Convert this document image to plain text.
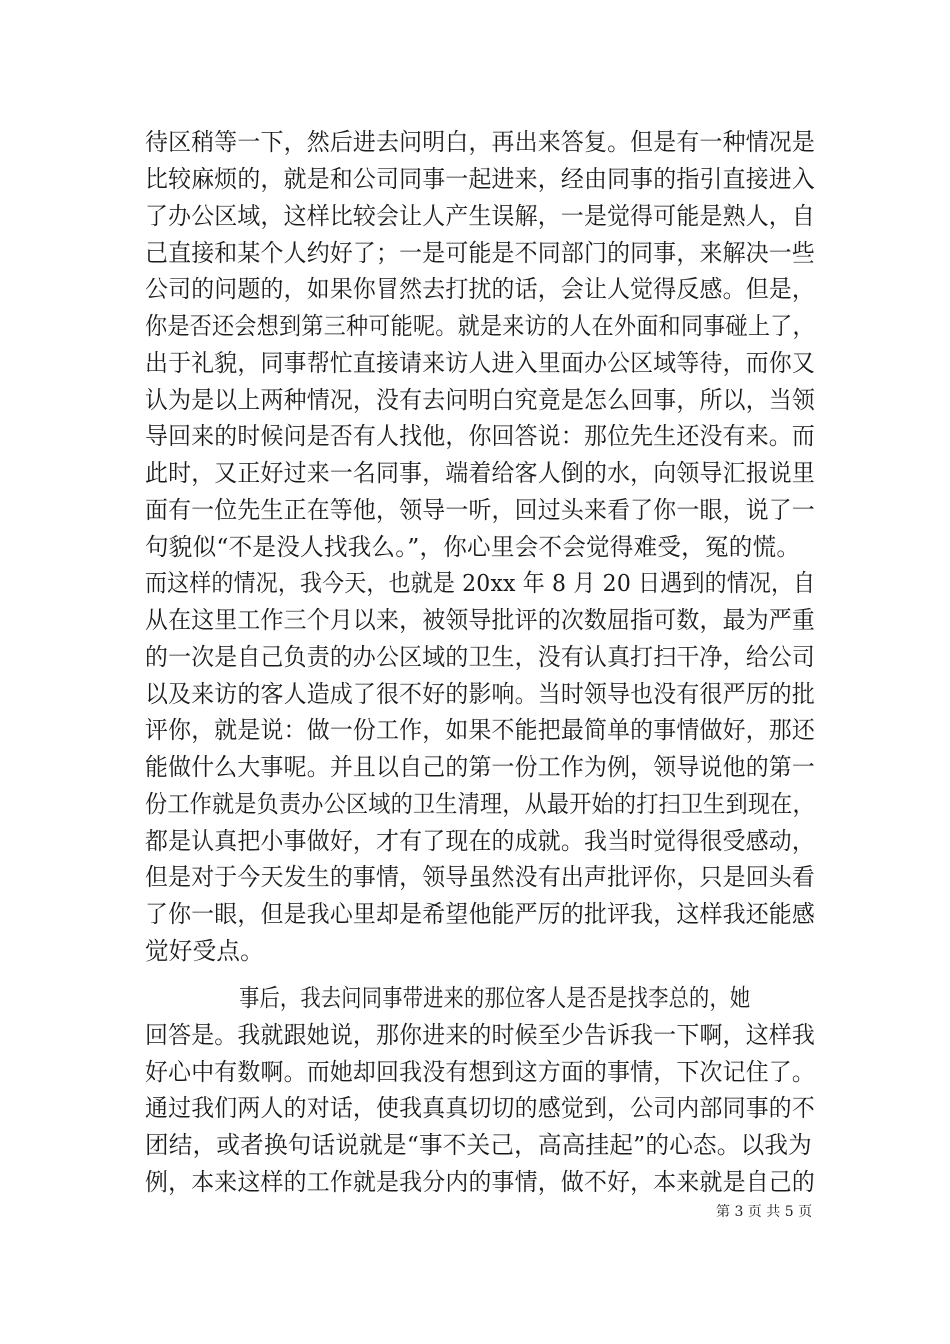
待区稍等一下，然后进去问明白，再出来答复。但是有一种情况是
比较麻烦的，就是和公司同事一起进来，经由同事的指引直接进入
了办公区域，这样比较会让人产生误解，一是觉得可能是熟人，自
己直接和某个人约好了；一是可能是不同部门的同事，来解决一些
公司的问题的，如果你冒然去打扰的话，会让人觉得反感。但是，
你是否还会想到第三种可能呢。就是来访的人在外面和同事碰上了，
出于礼貌，同事帮忙直接请来访人进入里面办公区域等待，而你又
认为是以上两种情况，没有去问明白究竟是怎么回事，所以，当领
导回来的时候问是否有人找他，你回答说：那位先生还没有来。而
此时，又正好过来一名同事，端着给客人倒的水，向领导汇报说里
面有一位先生正在等他，领导一听，回过头来看了你一眼，说了一
句貌似“不是没人找我么。”，你心里会不会觉得难受，冤的慌。
而这样的情况，我今天，也就是 20xx 年 8 月 20 日遇到的情况，自
从在这里工作三个月以来，被领导批评的次数屈指可数，最为严重
的一次是自己负责的办公区域的卫生，没有认真打扫干净，给公司
以及来访的客人造成了很不好的影响。当时领导也没有很严厉的批
评你，就是说：做一份工作，如果不能把最简单的事情做好，那还
能做什么大事呢。并且以自己的第一份工作为例，领导说他的第一
份工作就是负责办公区域的卫生清理，从最开始的打扫卫生到现在，
都是认真把小事做好，才有了现在的成就。我当时觉得很受感动，
但是对于今天发生的事情，领导虽然没有出声批评你，只是回头看
了你一眼，但是我心里却是希望他能严厉的批评我，这样我还能感
觉好受点。
事后，我去问同事带进来的那位客人是否是找李总的，她
回答是。我就跟她说，那你进来的时候至少告诉我一下啊，这样我
好心中有数啊。而她却回我没有想到这方面的事情，下次记住了。
通过我们两人的对话，使我真真切切的感觉到，公司内部同事的不
团结，或者换句话说就是“事不关己，高高挂起”的心态。以我为
例，本来这样的工作就是我分内的事情，做不好，本来就是自己的
第 3 页 共 5 页
